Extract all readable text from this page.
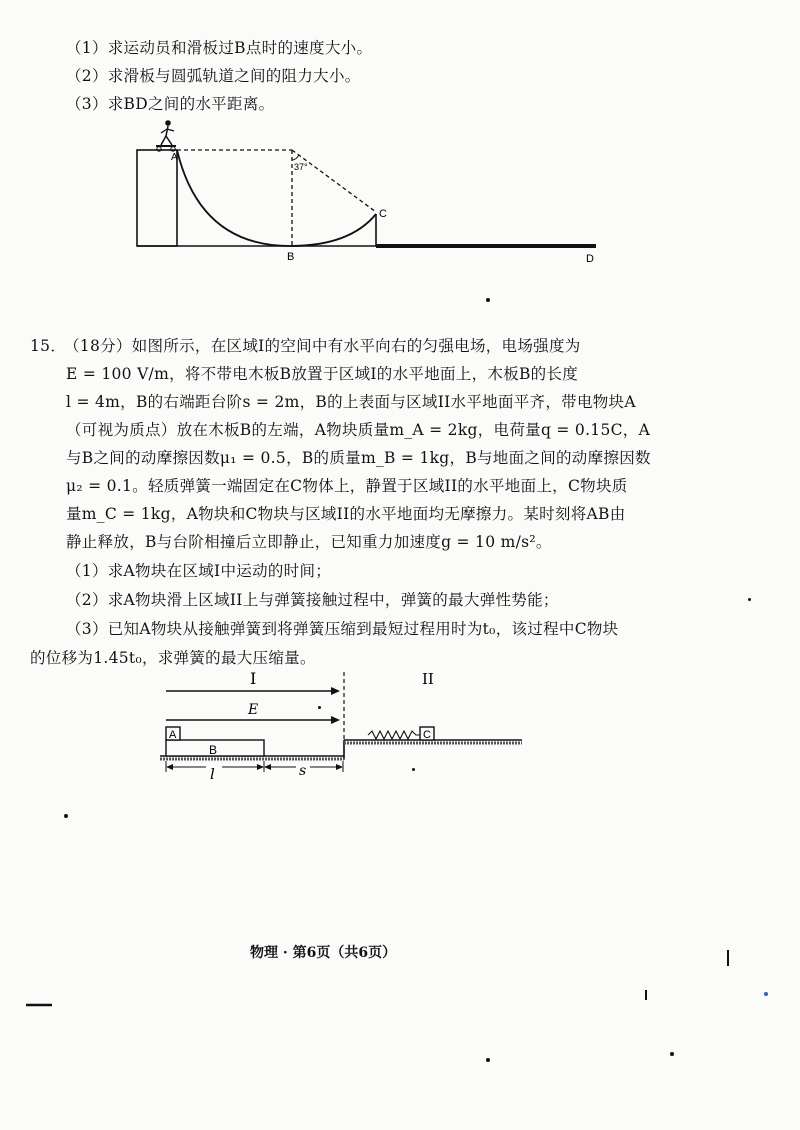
（1）求运动员和滑板过B点时的速度大小。
（2）求滑板与圆弧轨道之间的阻力大小。
（3）求BD之间的水平距离。
A
B
C
D
37°
I	II
E
A
B
C
l	s
15．
（18分）如图所示，在区域I的空间中有水平向右的匀强电场，电场强度为
E = 100 V/m，将不带电木板B放置于区域I的水平地面上，木板B的长度
l = 4m，B的右端距台阶s = 2m，B的上表面与区域II水平地面平齐，带电物块A
（可视为质点）放在木板B的左端，A物块质量m_A = 2kg，电荷量q = 0.15C，A
与B之间的动摩擦因数μ₁ = 0.5，B的质量m_B = 1kg，B与地面之间的动摩擦因数
μ₂ = 0.1。轻质弹簧一端固定在C物体上，静置于区域II的水平地面上，C物块质
量m_C = 1kg，A物块和C物块与区域II的水平地面均无摩擦力。某时刻将AB由
静止释放，B与台阶相撞后立即静止，已知重力加速度g = 10 m/s²。
（1）求A物块在区域I中运动的时间；
（2）求A物块滑上区域II上与弹簧接触过程中，弹簧的最大弹性势能；
（3）已知A物块从接触弹簧到将弹簧压缩到最短过程用时为t₀，该过程中C物块
的位移为1.45t₀，求弹簧的最大压缩量。
物理 · 第6页（共6页）
